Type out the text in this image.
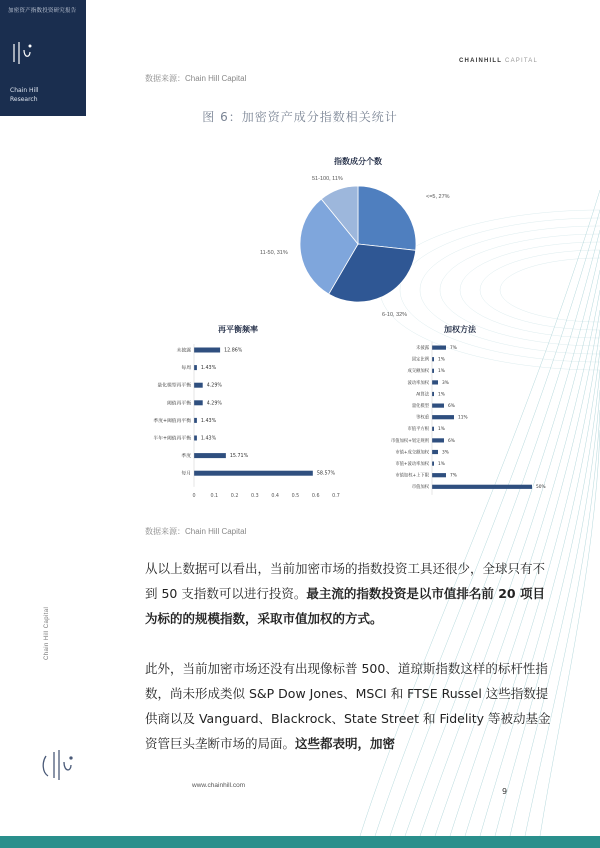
加密资产指数投资研究报告
Chain Hill
Research
CHAINHILL CAPITAL
数据来源：Chain Hill Capital
图 6：加密资产成分指数相关统计
指数成分个数
<=5, 27%
6-10, 32%
11-50, 31%
51-100, 11%
再平衡频率
未披露	12.86%
每周 1.43%
量化模型再平衡	4.29%
阈值再平衡	4.29%
季度+阈值再平衡 1.43%
半年+阈值再平衡 1.43%
季度	15.71%
每月	58.57%
0	0.1	0.2	0.3	0.4	0.5	0.6	0.7
加权方法
未披露	7%
固定比例 1%
成交额加权 1%
波动率加权	3%
AI算法 1%
量化模型	6%
等权重	11%
市值平方根 1%
市值加权+划定规则	6%
市值+成交额加权	3%
市值+波动率加权 1%
市值加权+上下限	7%
市值加权	50%
数据来源：Chain Hill Capital
从以上数据可以看出，当前加密市场的指数投资工具还很少，全球只有不到 50 支指数可以进行投资。最主流的指数投资是以市值排名前 20 项目为标的的规模指数，采取市值加权的方式。
此外，当前加密市场还没有出现像标普 500、道琼斯指数这样的标杆性指数，尚未形成类似 S&P Dow Jones、MSCI 和 FTSE Russel 这些指数提供商以及 Vanguard、Blackrock、State Street 和 Fidelity 等被动基金资管巨头垄断市场的局面。这些都表明，加密
Chain Hill Capital
www.chainhill.com
9
